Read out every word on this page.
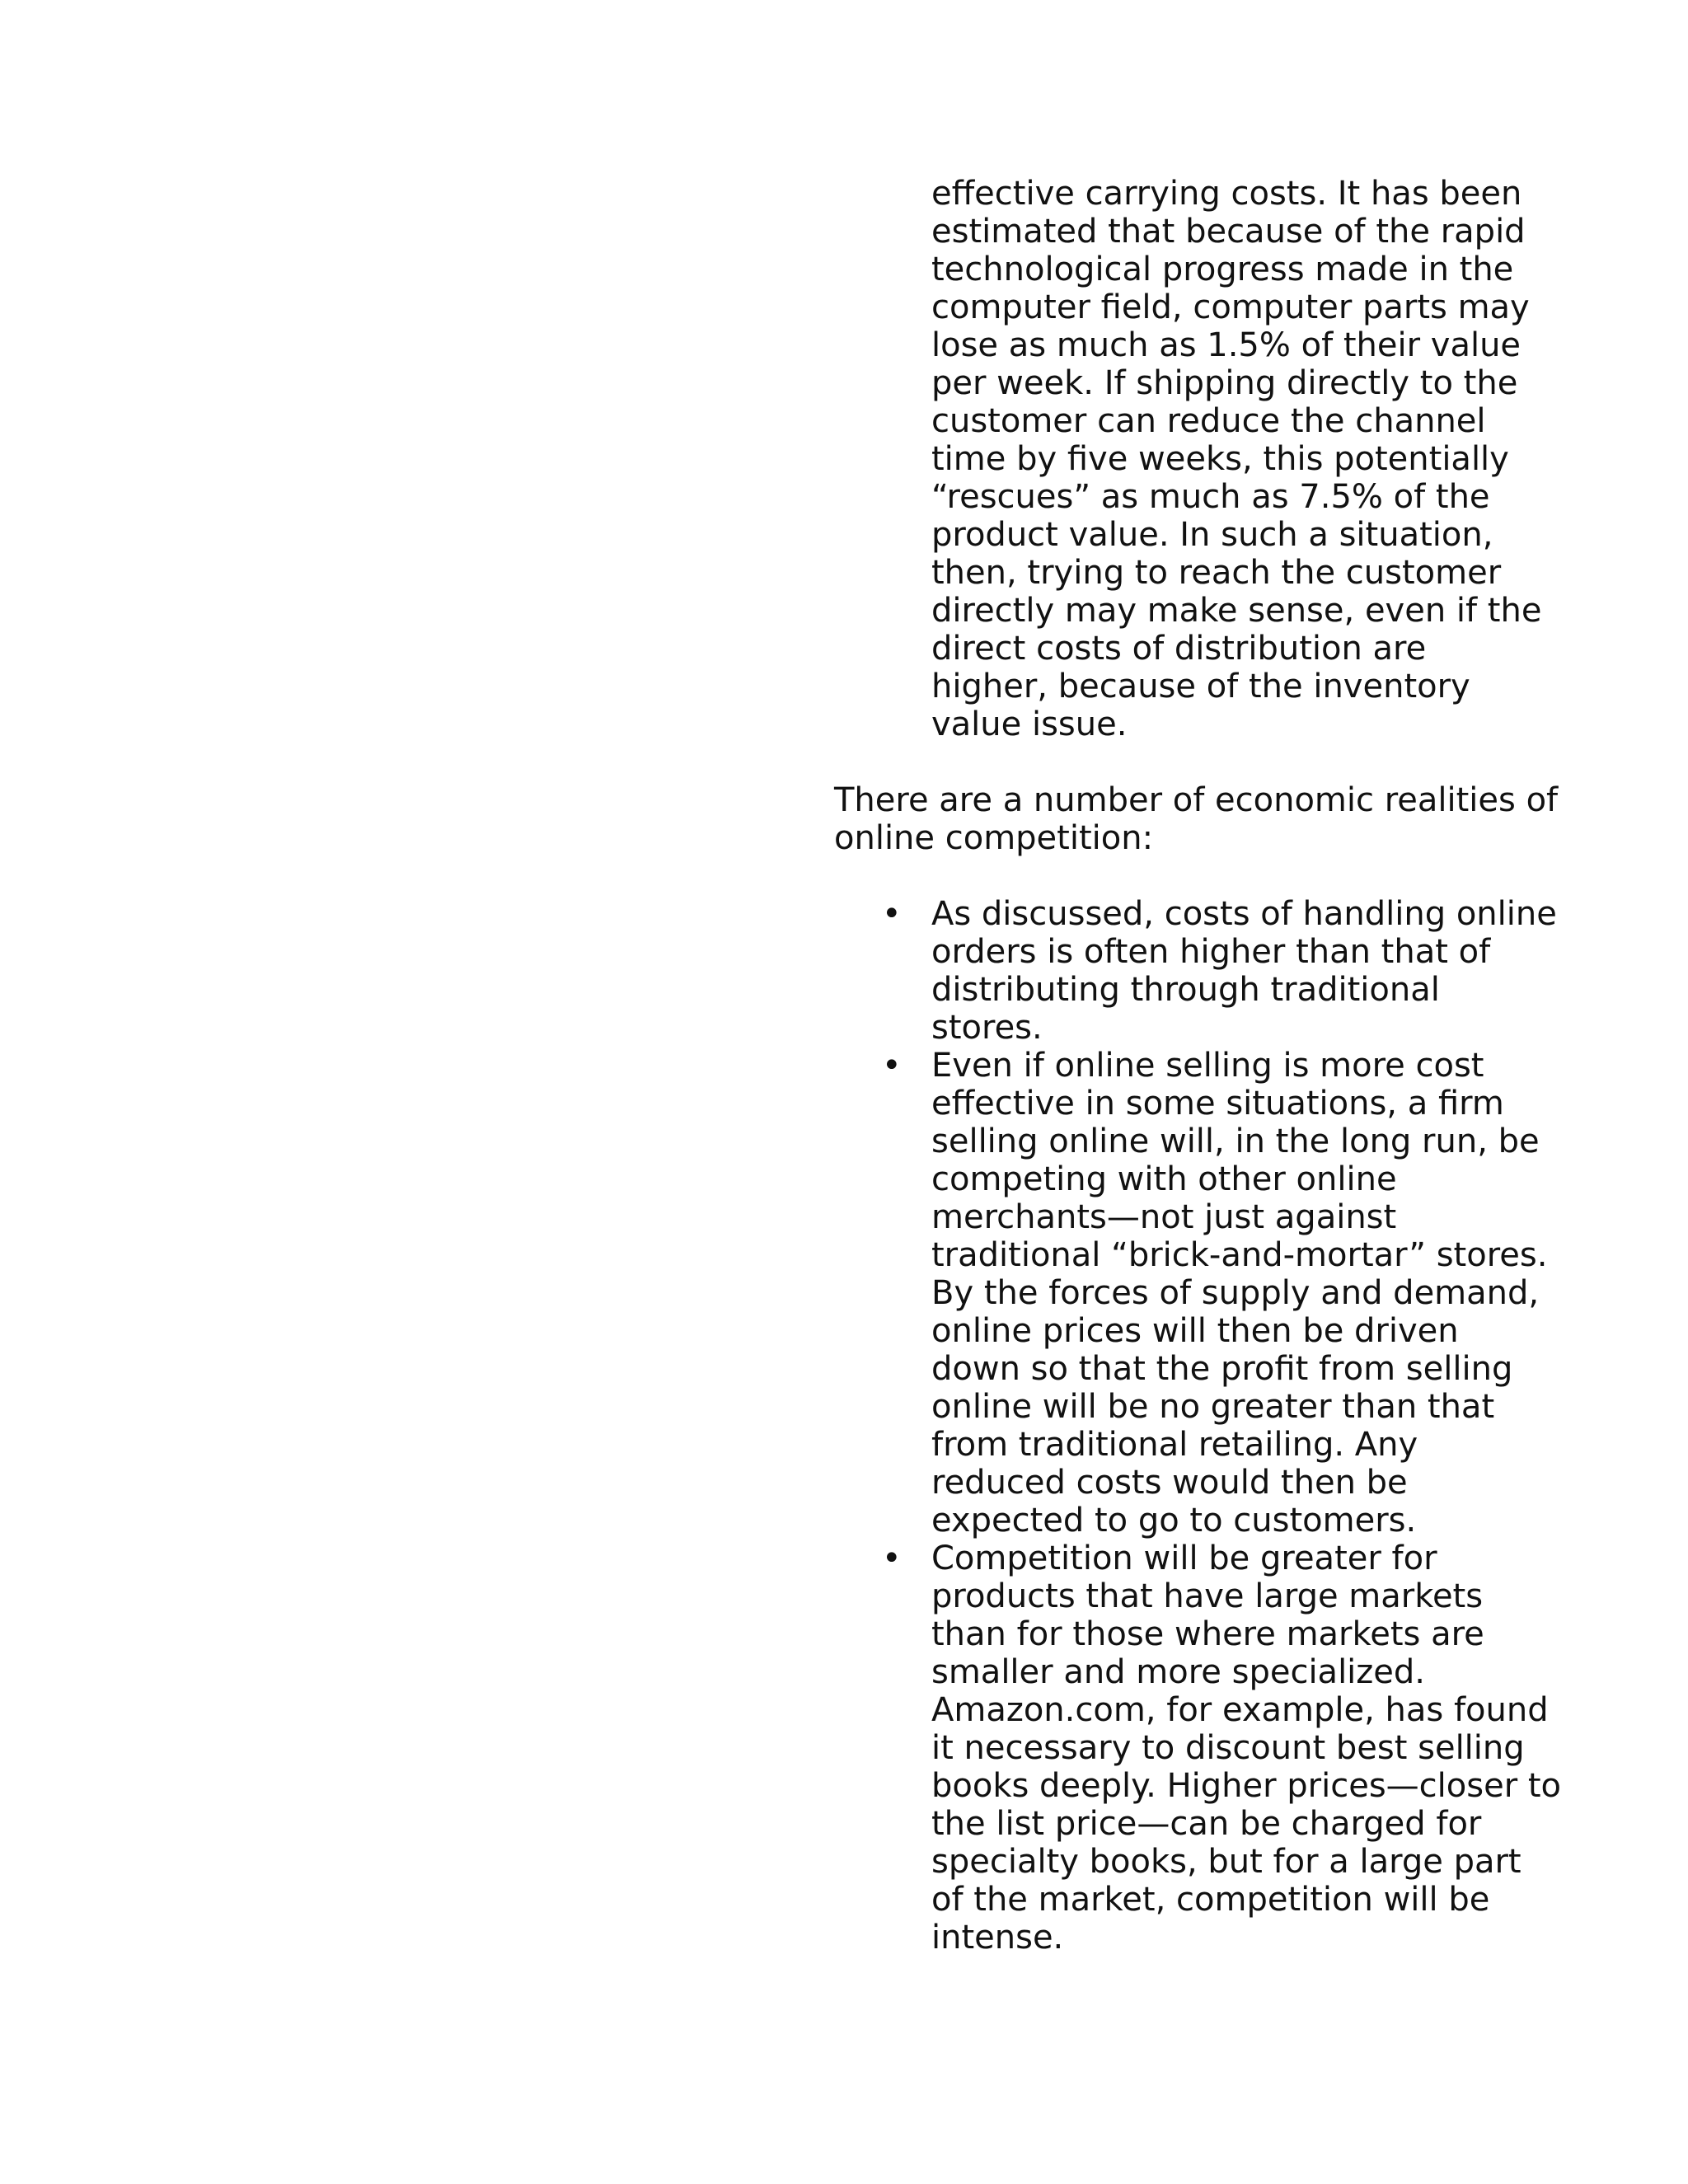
effective carrying costs. It has been
estimated that because of the rapid
technological progress made in the
computer field, computer parts may
lose as much as 1.5% of their value
per week. If shipping directly to the
customer can reduce the channel
time by five weeks, this potentially
“rescues” as much as 7.5% of the
product value. In such a situation,
then, trying to reach the customer
directly may make sense, even if the
direct costs of distribution are
higher, because of the inventory
value issue.

There are a number of economic realities of
online competition:

• As discussed, costs of handling online
orders is often higher than that of
distributing through traditional
stores.
• Even if online selling is more cost
effective in some situations, a firm
selling online will, in the long run, be
competing with other online
merchants—not just against
traditional “brick-and-mortar” stores.
By the forces of supply and demand,
online prices will then be driven
down so that the profit from selling
online will be no greater than that
from traditional retailing. Any
reduced costs would then be
expected to go to customers.
• Competition will be greater for
products that have large markets
than for those where markets are
smaller and more specialized.
Amazon.com, for example, has found
it necessary to discount best selling
books deeply. Higher prices—closer to
the list price—can be charged for
specialty books, but for a large part
of the market, competition will be
intense.
